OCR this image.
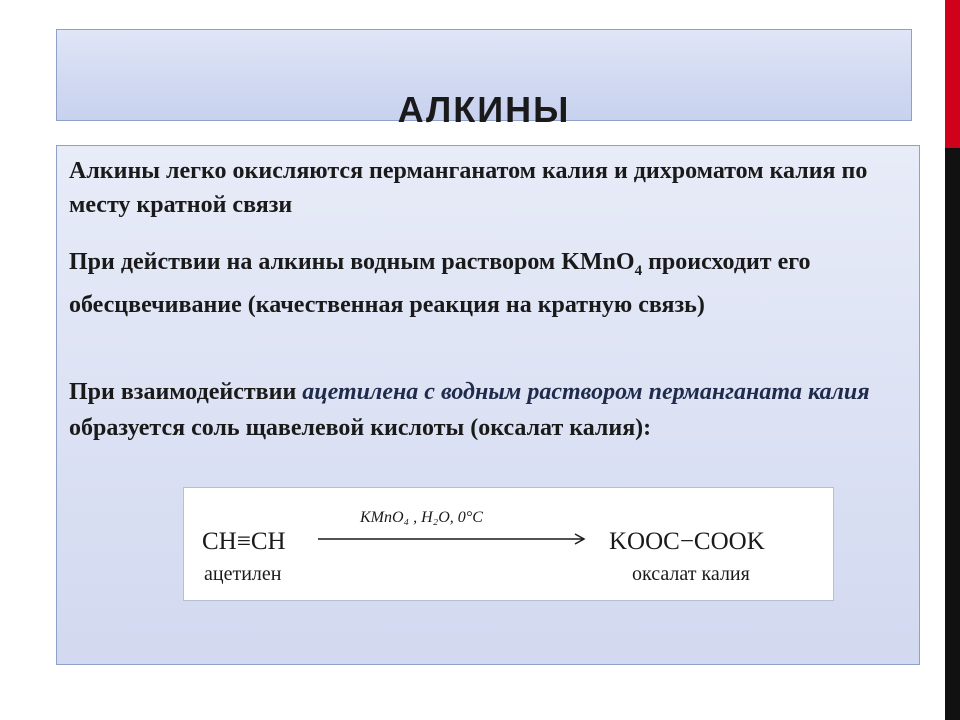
АЛКИНЫ

Алкины легко окисляются перманганатом калия и дихроматом калия по месту кратной связи

При действии на алкины водным раствором KMnO$_4$ происходит его обесцвечивание (качественная реакция на кратную связь)

При взаимодействии ацетилена с водным раствором перманганата калия образуется соль щавелевой кислоты (оксалат калия):

CH≡CH
KMnO₄ , H₂O, 0°C
KOOC−COOK
ацетилен	оксалат калия
